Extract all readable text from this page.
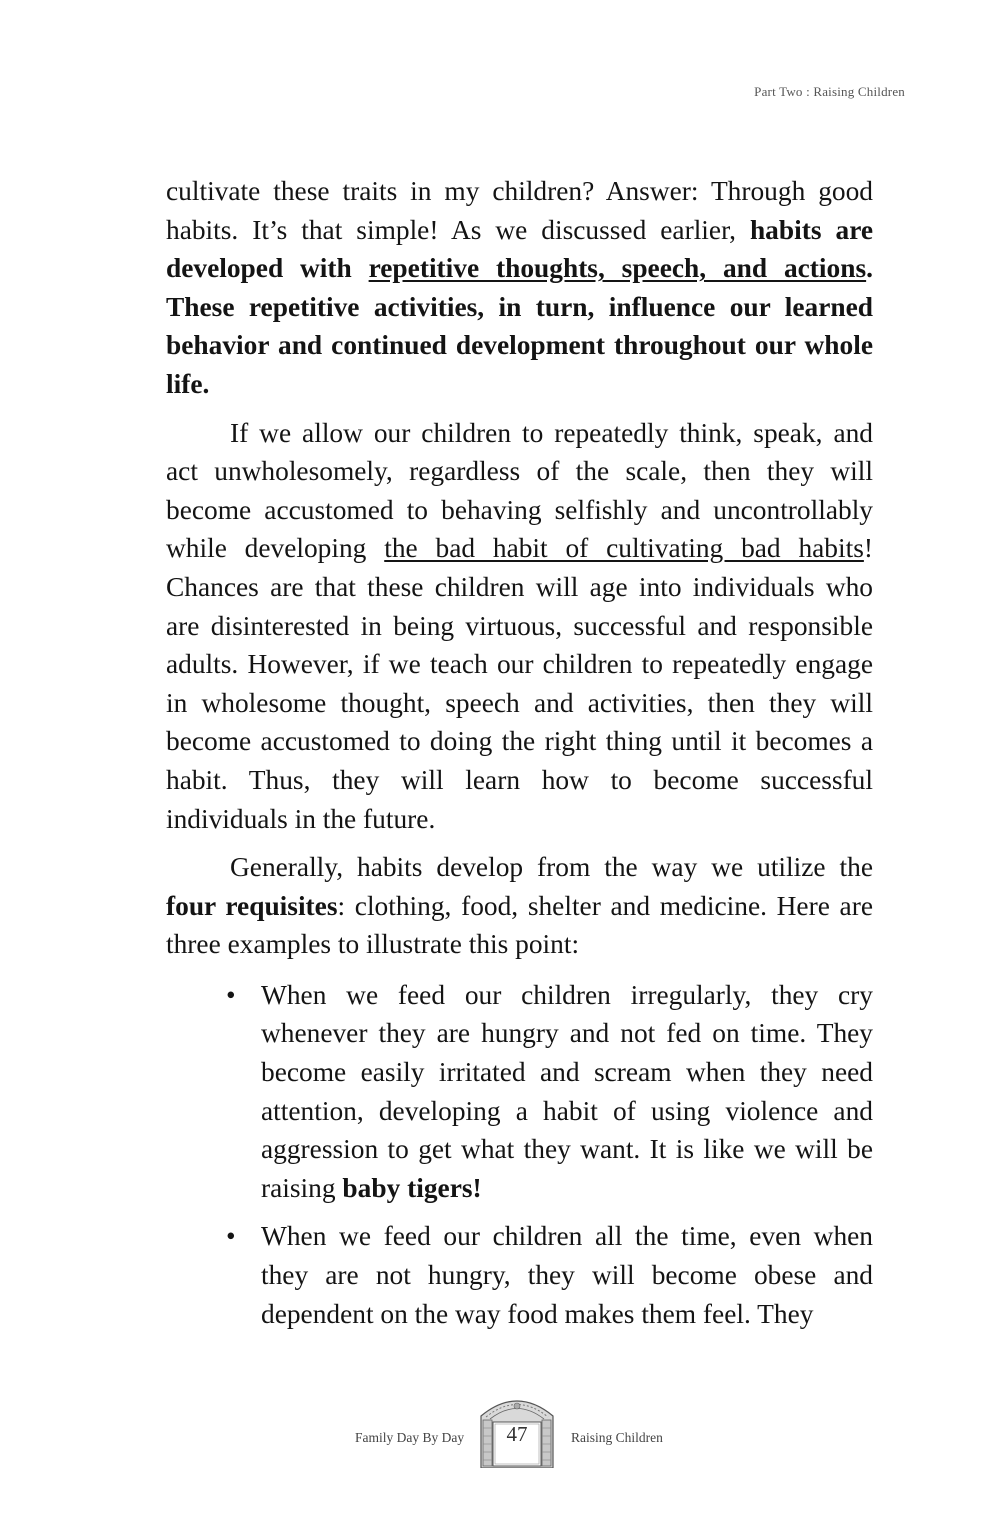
Part Two : Raising Children

cultivate these traits in my children? Answer: Through good habits. It’s that simple! As we discussed earlier, habits are developed with repetitive thoughts, speech, and actions. These repetitive activities, in turn, influence our learned behavior and continued development throughout our whole life.

If we allow our children to repeatedly think, speak, and act unwholesomely, regardless of the scale, then they will become accustomed to behaving selfishly and uncontrollably while developing the bad habit of cultivating bad habits! Chances are that these children will age into individuals who are disinterested in being virtuous, successful and responsible adults. However, if we teach our children to repeatedly engage in wholesome thought, speech and activities, then they will become accustomed to doing the right thing until it becomes a habit. Thus, they will learn how to become successful individuals in the future.

Generally, habits develop from the way we utilize the four requisites: clothing, food, shelter and medicine. Here are three examples to illustrate this point:

• When we feed our children irregularly, they cry whenever they are hungry and not fed on time. They become easily irritated and scream when they need attention, developing a habit of using violence and aggression to get what they want. It is like we will be raising baby tigers!
• When we feed our children all the time, even when they are not hungry, they will become obese and dependent on the way food makes them feel. They
Family Day By Day	47	Raising Children
